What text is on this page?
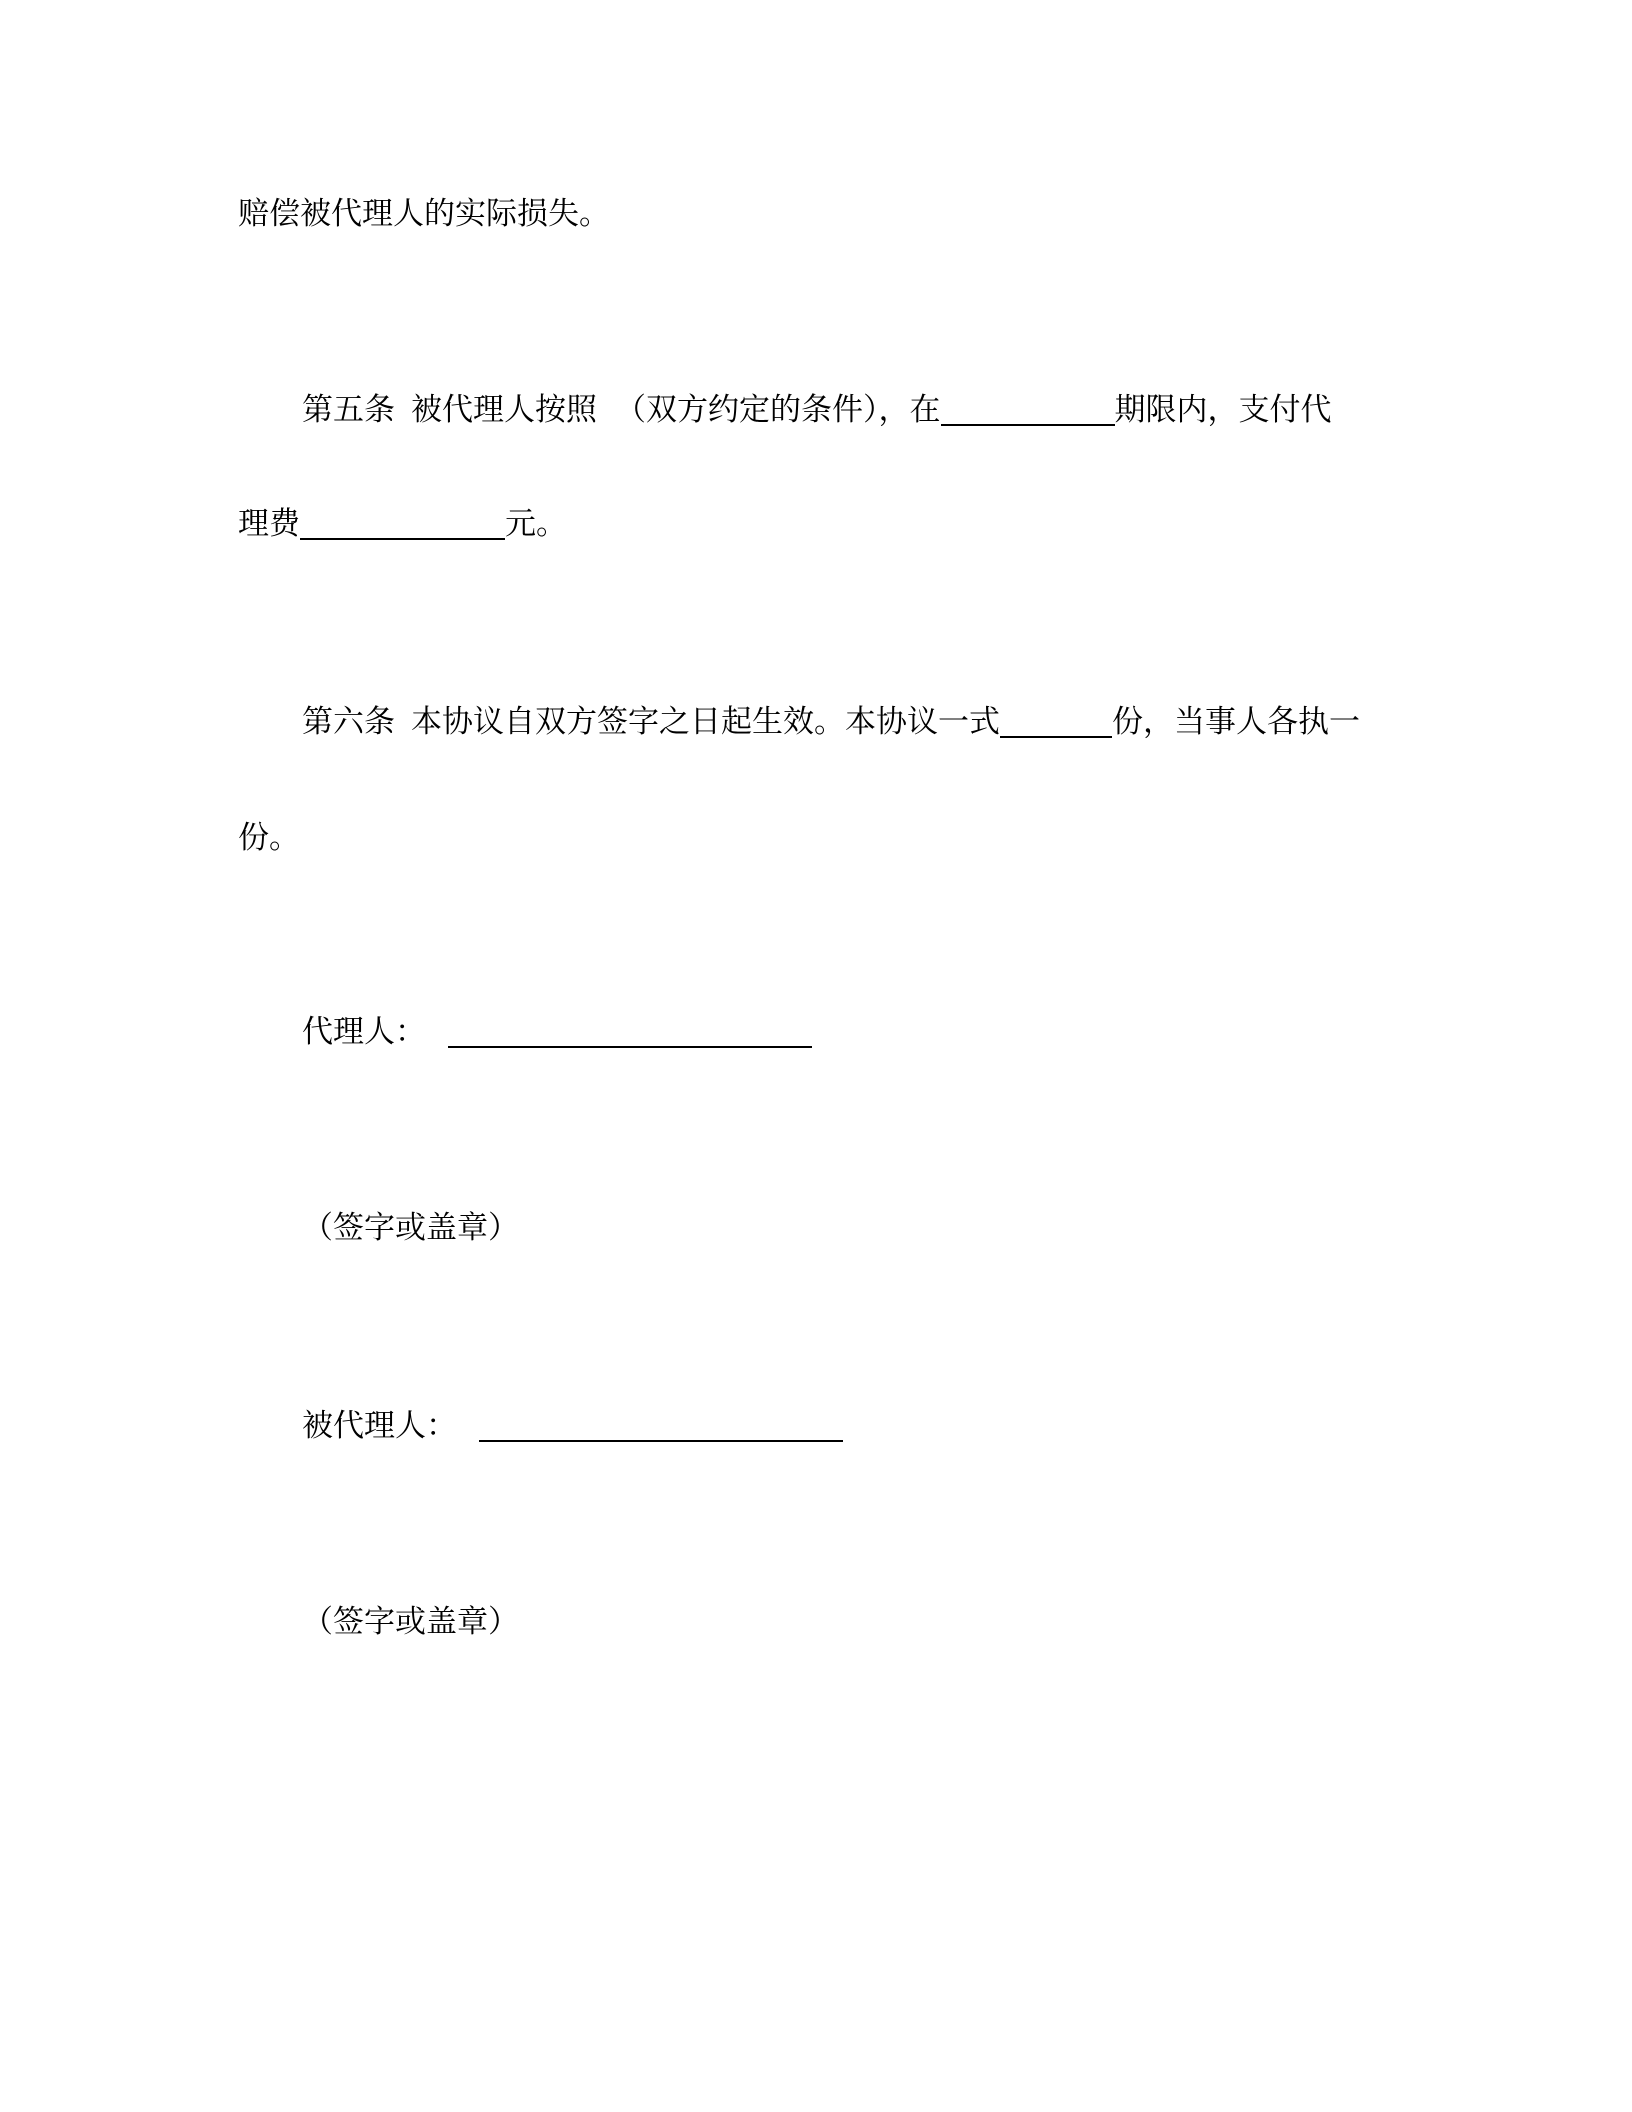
赔偿被代理人的实际损失。
第五条 被代理人按照 （双方约定的条件），在	期限内，支付代
理费	元。
第六条 本协议自双方签字之日起生效。本协议一式	份，当事人各执一
份。
代理人：
（签字或盖章）
被代理人：
（签字或盖章）
